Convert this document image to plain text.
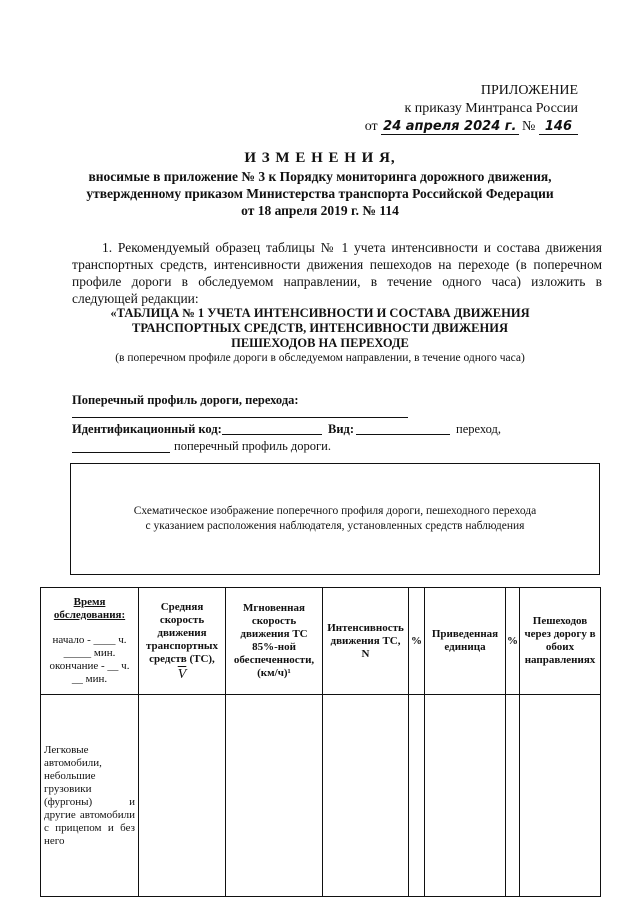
ПРИЛОЖЕНИЕ
к приказу Минтранса России
от 24 апреля 2024 г. № 146
И З М Е Н Е Н И Я,
вносимые в приложение № 3 к Порядку мониторинга дорожного движения,
утвержденному приказом Министерства транспорта Российской Федерации
от 18 апреля 2019 г. № 114
1. Рекомендуемый образец таблицы № 1 учета интенсивности и состава движения транспортных средств, интенсивности движения пешеходов на переходе (в поперечном профиле дороги в обследуемом направлении, в течение одного часа) изложить в следующей редакции:
«ТАБЛИЦА № 1 УЧЕТА ИНТЕНСИВНОСТИ И СОСТАВА ДВИЖЕНИЯ
ТРАНСПОРТНЫХ СРЕДСТВ, ИНТЕНСИВНОСТИ ДВИЖЕНИЯ
ПЕШЕХОДОВ НА ПЕРЕХОДЕ
(в поперечном профиле дороги в обследуемом направлении, в течение одного часа)
Поперечный профиль дороги, перехода:
Идентификационный код:	Вид:	переход,
поперечный профиль дороги.
Схематическое изображение поперечного профиля дороги, пешеходного перехода
с указанием расположения наблюдателя, установленных средств наблюдения
Время обследования:
начало - ____ ч. _____ мин.
окончание - __ ч. __ мин.	Средняя скорость движения транспортных средств (ТС),
$\overline{V}$	Мгновенная скорость движения ТС 85%-ной обеспеченности, (км/ч)¹	Интенсивность движения ТС, N	%	Приведенная единица	%	Пешеходов через дорогу в обоих направлениях
Легковые автомобили, небольшие грузовики (фургоны) и другие автомобили с прицепом и без него							
